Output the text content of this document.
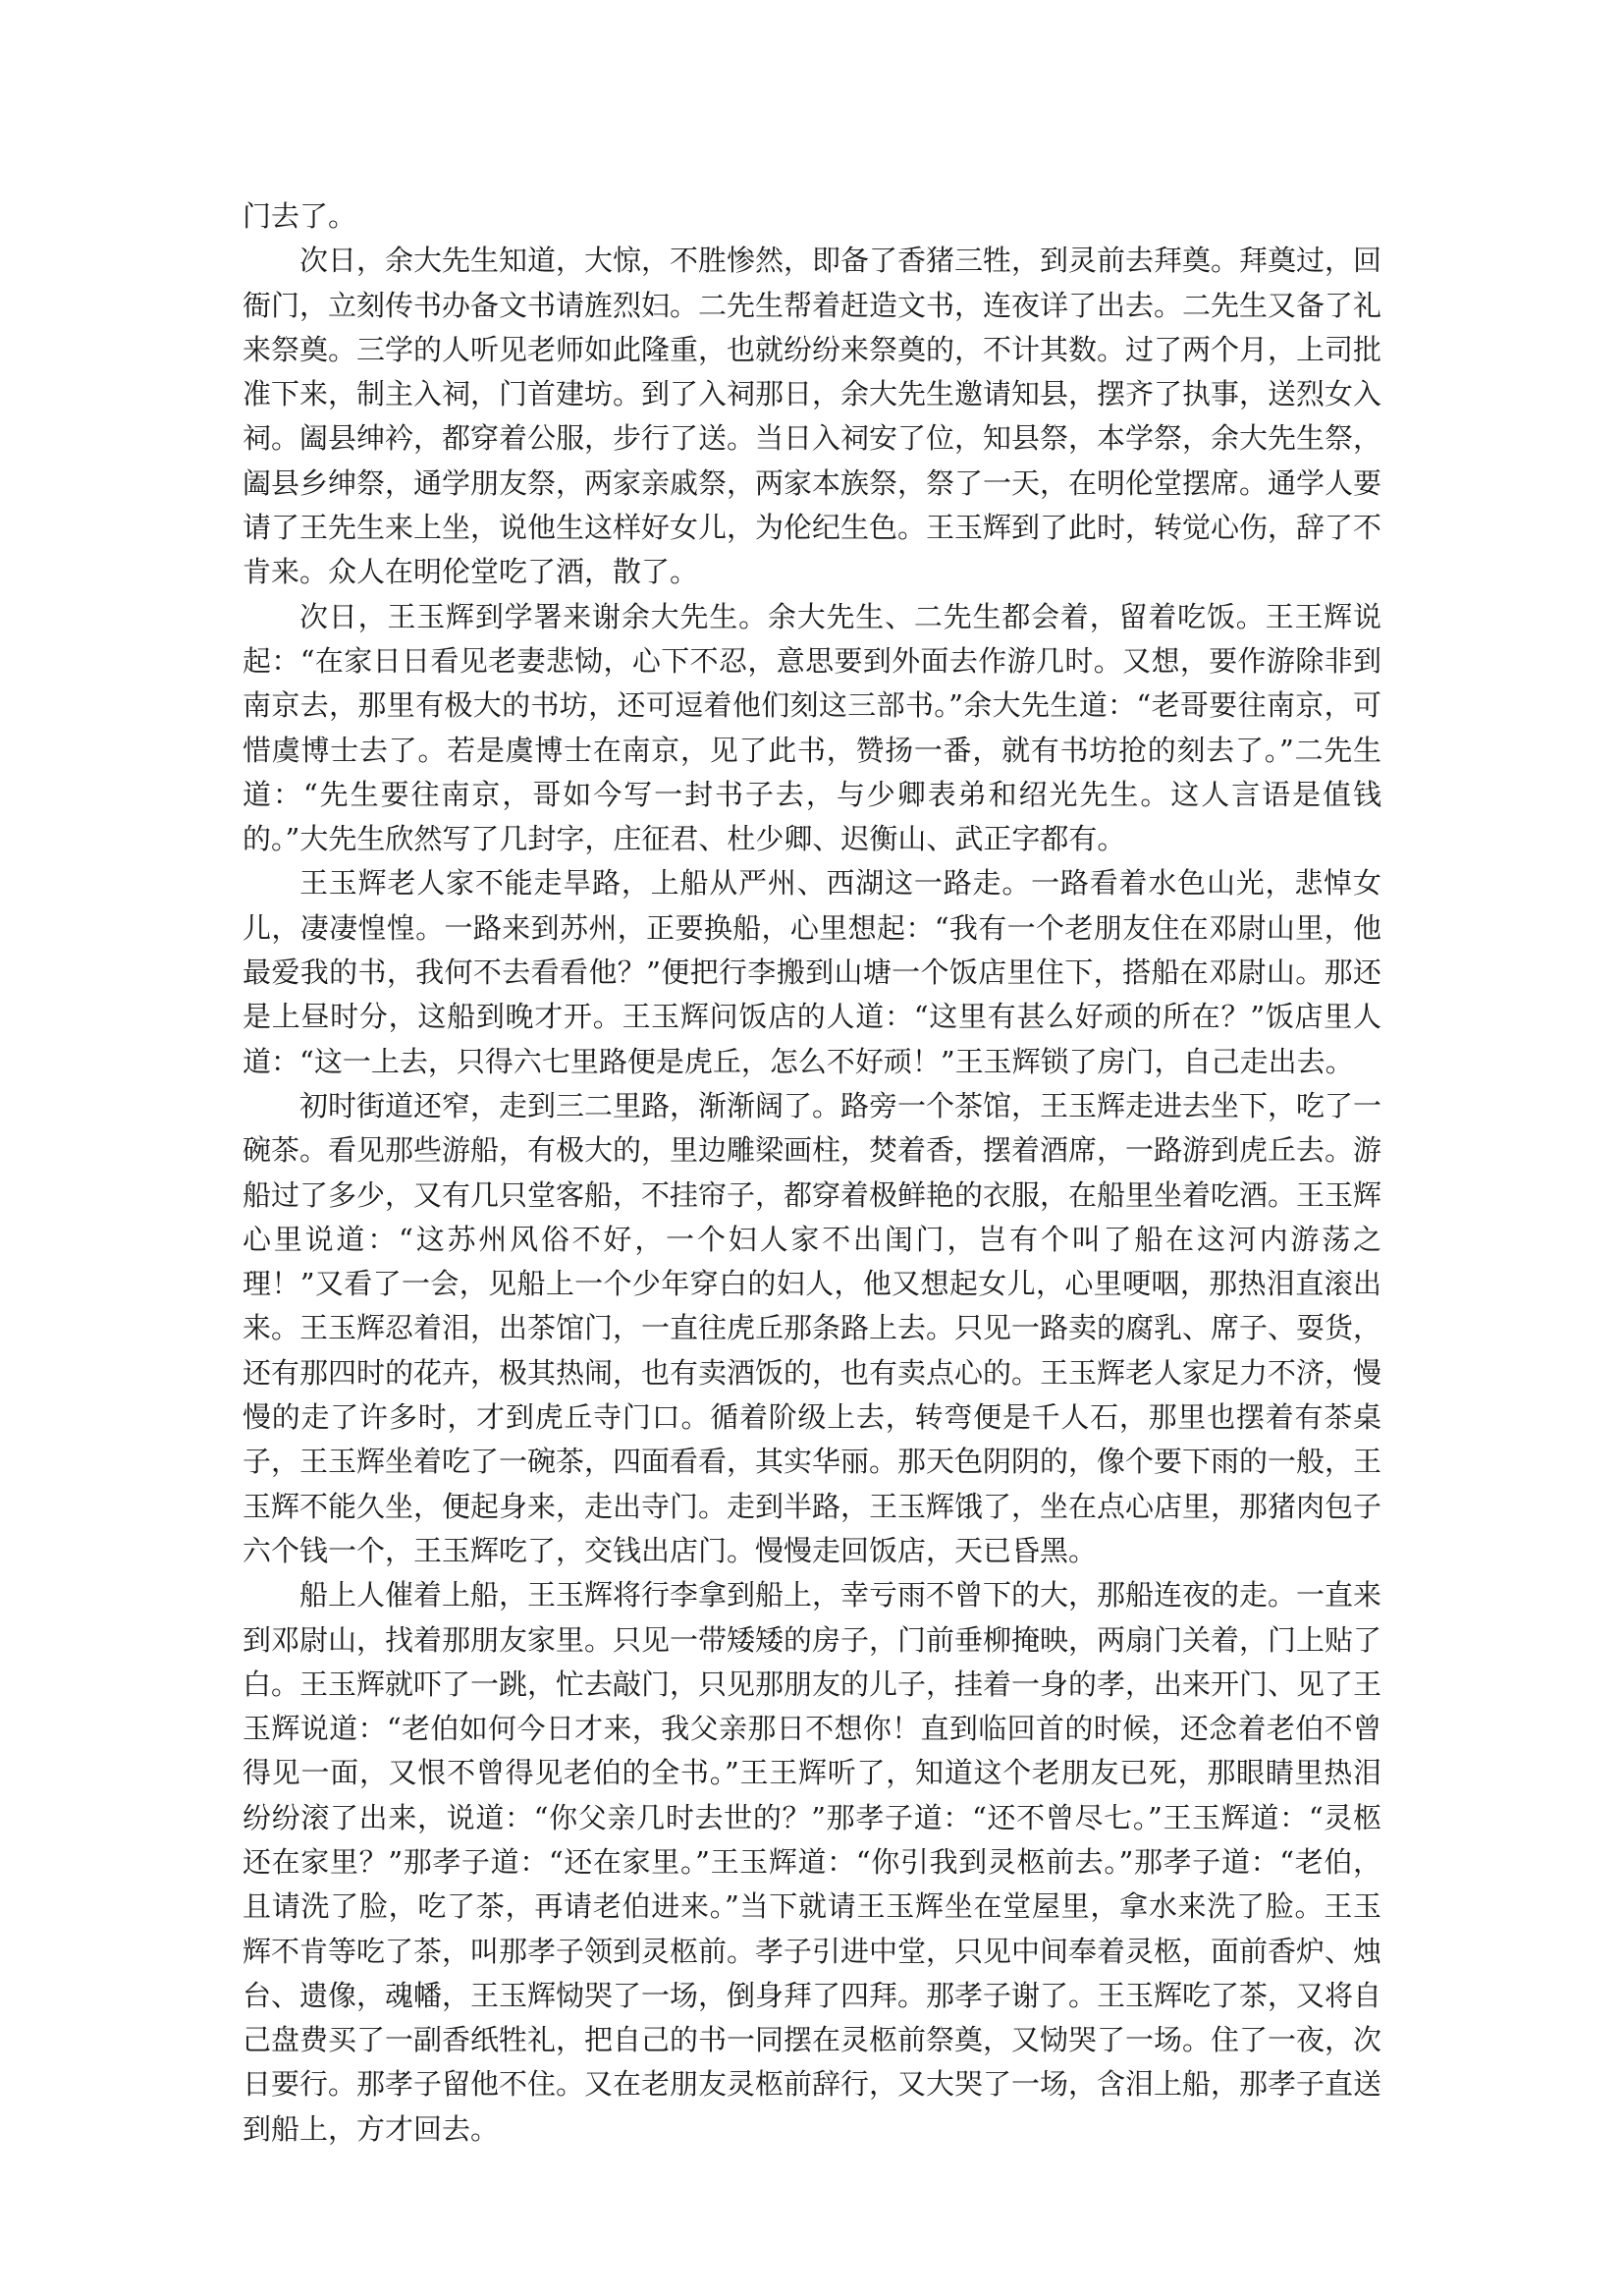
门去了。

次日，余大先生知道，大惊，不胜惨然，即备了香猪三牲，到灵前去拜奠。拜奠过，回衙门，立刻传书办备文书请旌烈妇。二先生帮着赶造文书，连夜详了出去。二先生又备了礼来祭奠。三学的人听见老师如此隆重，也就纷纷来祭奠的，不计其数。过了两个月，上司批准下来，制主入祠，门首建坊。到了入祠那日，余大先生邀请知县，摆齐了执事，送烈女入祠。阖县绅衿，都穿着公服，步行了送。当日入祠安了位，知县祭，本学祭，余大先生祭，阖县乡绅祭，通学朋友祭，两家亲戚祭，两家本族祭，祭了一天，在明伦堂摆席。通学人要请了王先生来上坐，说他生这样好女儿，为伦纪生色。王玉辉到了此时，转觉心伤，辞了不肯来。众人在明伦堂吃了酒，散了。

次日，王玉辉到学署来谢余大先生。余大先生、二先生都会着，留着吃饭。王王辉说起：“在家日日看见老妻悲恸，心下不忍，意思要到外面去作游几时。又想，要作游除非到南京去，那里有极大的书坊，还可逗着他们刻这三部书。”余大先生道：“老哥要往南京，可惜虞博士去了。若是虞博士在南京，见了此书，赞扬一番，就有书坊抢的刻去了。”二先生道：“先生要往南京，哥如今写一封书子去，与少卿表弟和绍光先生。这人言语是值钱的。”大先生欣然写了几封字，庄征君、杜少卿、迟衡山、武正字都有。

王玉辉老人家不能走旱路，上船从严州、西湖这一路走。一路看着水色山光，悲悼女儿，凄凄惶惶。一路来到苏州，正要换船，心里想起：“我有一个老朋友住在邓尉山里，他最爱我的书，我何不去看看他？”便把行李搬到山塘一个饭店里住下，搭船在邓尉山。那还是上昼时分，这船到晚才开。王玉辉问饭店的人道：“这里有甚么好顽的所在？”饭店里人道：“这一上去，只得六七里路便是虎丘，怎么不好顽！”王玉辉锁了房门，自己走出去。

初时街道还窄，走到三二里路，渐渐阔了。路旁一个茶馆，王玉辉走进去坐下，吃了一碗茶。看见那些游船，有极大的，里边雕梁画柱，焚着香，摆着酒席，一路游到虎丘去。游船过了多少，又有几只堂客船，不挂帘子，都穿着极鲜艳的衣服，在船里坐着吃酒。王玉辉心里说道：“这苏州风俗不好，一个妇人家不出闺门，岂有个叫了船在这河内游荡之理！”又看了一会，见船上一个少年穿白的妇人，他又想起女儿，心里哽咽，那热泪直滚出来。王玉辉忍着泪，出茶馆门，一直往虎丘那条路上去。只见一路卖的腐乳、席子、耍货，还有那四时的花卉，极其热闹，也有卖酒饭的，也有卖点心的。王玉辉老人家足力不济，慢慢的走了许多时，才到虎丘寺门口。循着阶级上去，转弯便是千人石，那里也摆着有茶桌子，王玉辉坐着吃了一碗茶，四面看看，其实华丽。那天色阴阴的，像个要下雨的一般，王玉辉不能久坐，便起身来，走出寺门。走到半路，王玉辉饿了，坐在点心店里，那猪肉包子六个钱一个，王玉辉吃了，交钱出店门。慢慢走回饭店，天已昏黑。

船上人催着上船，王玉辉将行李拿到船上，幸亏雨不曾下的大，那船连夜的走。一直来到邓尉山，找着那朋友家里。只见一带矮矮的房子，门前垂柳掩映，两扇门关着，门上贴了白。王玉辉就吓了一跳，忙去敲门，只见那朋友的儿子，挂着一身的孝，出来开门、见了王玉辉说道：“老伯如何今日才来，我父亲那日不想你！直到临回首的时候，还念着老伯不曾得见一面，又恨不曾得见老伯的全书。”王王辉听了，知道这个老朋友已死，那眼睛里热泪纷纷滚了出来，说道：“你父亲几时去世的？”那孝子道：“还不曾尽七。”王玉辉道：“灵柩还在家里？”那孝子道：“还在家里。”王玉辉道：“你引我到灵柩前去。”那孝子道：“老伯，且请洗了脸，吃了茶，再请老伯进来。”当下就请王玉辉坐在堂屋里，拿水来洗了脸。王玉辉不肯等吃了茶，叫那孝子领到灵柩前。孝子引进中堂，只见中间奉着灵柩，面前香炉、烛台、遗像，魂幡，王玉辉恸哭了一场，倒身拜了四拜。那孝子谢了。王玉辉吃了茶，又将自己盘费买了一副香纸牲礼，把自己的书一同摆在灵柩前祭奠，又恸哭了一场。住了一夜，次日要行。那孝子留他不住。又在老朋友灵柩前辞行，又大哭了一场，含泪上船，那孝子直送到船上，方才回去。
